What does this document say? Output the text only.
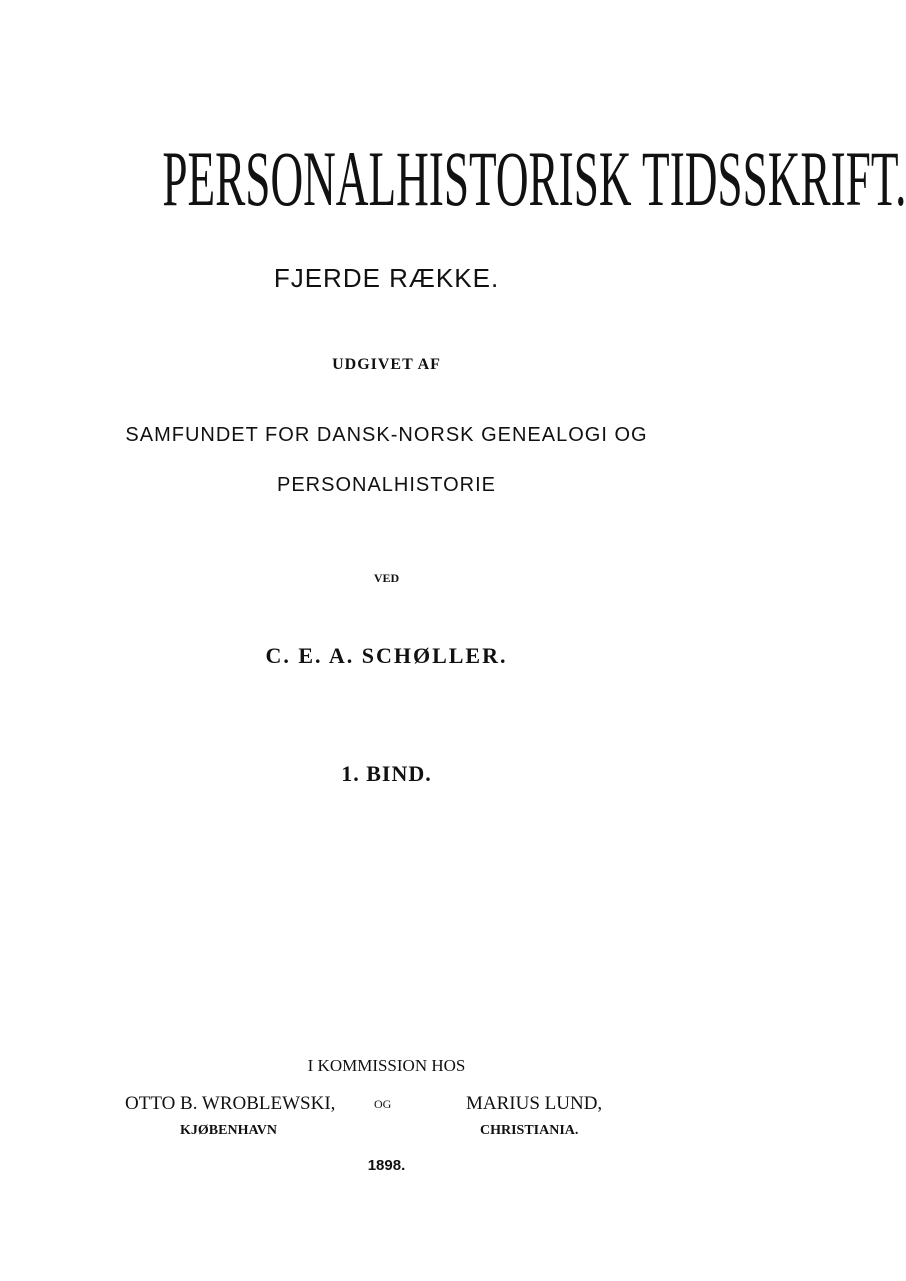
PERSONALHISTORISK TIDSSKRIFT.
FJERDE RÆKKE.
UDGIVET AF
SAMFUNDET FOR DANSK-NORSK GENEALOGI OG
PERSONALHISTORIE
VED
C. E. A. SCHØLLER.
1. BIND.
I KOMMISSION HOS
OTTO B. WROBLEWSKI,	OG	MARIUS LUND,
KJØBENHAVN	CHRISTIANIA.
1898.
